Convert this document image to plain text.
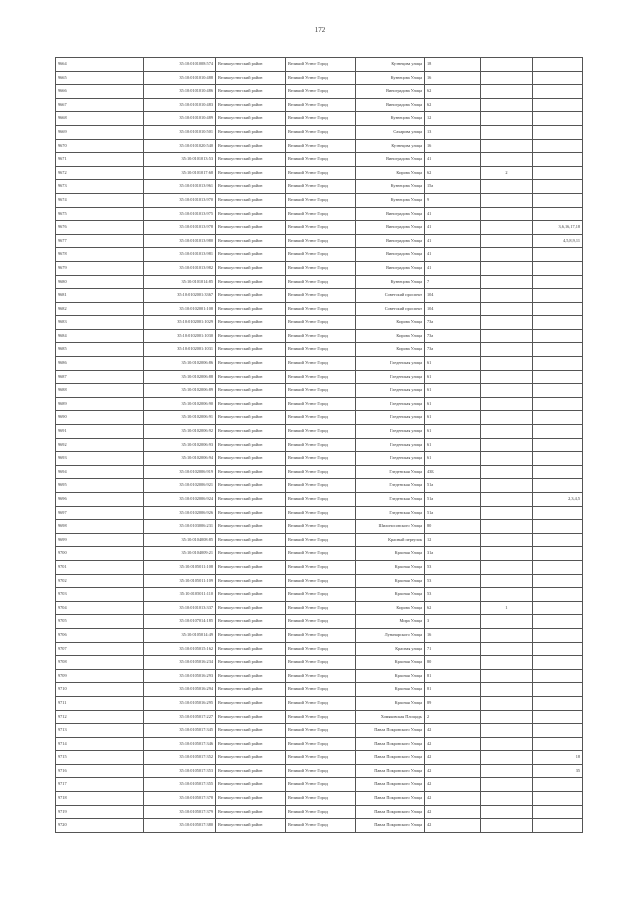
172
9664	35:10:0101008:574	Великоустюгский район	Великий Устюг Город	Кузнецова улица	18		
9665	35:10:0101010:488	Великоустюгский район	Великий Устюг Город	Кузнецова Улица	16		
9666	35:10:0101010:486	Великоустюгский район	Великий Устюг Город	Виноградова Улица	62		
9667	35:10:0101010:483	Великоустюгский район	Великий Устюг Город	Виноградова Улица	62		
9668	35:10:0101010:489	Великоустюгский район	Великий Устюг Город	Кузнецова Улица	12		
9669	35:10:0101010:501	Великоустюгский район	Великий Устюг Город	Сахарова улица	13		
9670	35:10:0101020:540	Великоустюгский район	Великий Устюг Город	Кузнецова улица	16		
9671	35:10:0101013:53	Великоустюгский район	Великий Устюг Город	Виноградова Улица	41		
9672	35:10:0101017:68	Великоустюгский район	Великий Устюг Город	Кирова Улица	62	2	
9673	35:10:0101013:961	Великоустюгский район	Великий Устюг Город	Кузнецова Улица	15а		
9674	35:10:0101013:970	Великоустюгский район	Великий Устюг Город	Кузнецова Улица	9		
9675	35:10:0101013:975	Великоустюгский район	Великий Устюг Город	Виноградова Улица	41		
9676	35:10:0101013:978	Великоустюгский район	Великий Устюг Город	Виноградова Улица	41		3,6,16,17,18
9677	35:10:0101013:980	Великоустюгский район	Великий Устюг Город	Виноградова Улица	41		4,5,8,9,11
9678	35:10:0101013:981	Великоустюгский район	Великий Устюг Город	Виноградова Улица	41		
9679	35:10:0101013:982	Великоустюгский район	Великий Устюг Город	Виноградова Улица	41		
9680	35:10:0101014:85	Великоустюгский район	Великий Устюг Город	Кузнецова Улица	7		
9681	35:10:0102001:3367	Великоустюгский район	Великий Устюг Город	Советский проспект	104		
9682	35:10:0102001:108	Великоустюгский район	Великий Устюг Город	Советский проспект	104		
9683	35:10:0102001:1029	Великоустюгский район	Великий Устюг Город	Кирова Улица	73а		
9684	35:10:0102001:1030	Великоустюгский район	Великий Устюг Город	Кирова Улица	73а		
9685	35:10:0102001:1031	Великоустюгский район	Великий Устюг Город	Кирова Улица	73а		
9686	35:10:0102006:86	Великоустюгский район	Великий Устюг Город	Гледенская улица	61		
9687	35:10:0102006:88	Великоустюгский район	Великий Устюг Город	Гледенская улица	61		
9688	35:10:0102006:89	Великоустюгский район	Великий Устюг Город	Гледенская улица	61		
9689	35:10:0102006:90	Великоустюгский район	Великий Устюг Город	Гледенская улица	61		
9690	35:10:0102006:91	Великоустюгский район	Великий Устюг Город	Гледенская улица	61		
9691	35:10:0102006:92	Великоустюгский район	Великий Устюг Город	Гледенская улица	61		
9692	35:10:0102006:93	Великоустюгский район	Великий Устюг Город	Гледенская улица	61		
9693	35:10:0102006:94	Великоустюгский район	Великий Устюг Город	Гледенская улица	61		
9694	35:10:0102006:919	Великоустюгский район	Великий Устюг Город	Гледенская Улица	43Б		
9695	35:10:0102006:921	Великоустюгский район	Великий Устюг Город	Гледенская Улица	51а		
9696	35:10:0102006:924	Великоустюгский район	Великий Устюг Город	Гледенская Улица	51а		2,3,4,5
9697	35:10:0102006:926	Великоустюгский район	Великий Устюг Город	Гледенская Улица	51а		
9698	35:10:0103006:231	Великоустюгский район	Великий Устюг Город	Шилоносовского Улица	80		
9699	35:10:0104008:85	Великоустюгский район	Великий Устюг Город	Красный переулок	12		
9700	35:10:0104009:21	Великоустюгский район	Великий Устюг Город	Красная Улица	31а		
9701	35:10:0105011:108	Великоустюгский район	Великий Устюг Город	Красная Улица	53		
9702	35:10:0105011:109	Великоустюгский район	Великий Устюг Город	Красная Улица	53		
9703	35:10:0105011:110	Великоустюгский район	Великий Устюг Город	Красная Улица	53		
9704	35:10:0101013:337	Великоустюгский район	Великий Устюг Город	Кирова Улица	62	1	
9705	35:10:0107014:185	Великоустюгский район	Великий Устюг Город	Мира Улица	3		
9706	35:10:0105014:49	Великоустюгский район	Великий Устюг Город	Луначарского Улица	16		
9707	35:10:0105015:162	Великоустюгский район	Великий Устюг Город	Красная улица	71		
9708	35:10:0105016:234	Великоустюгский район	Великий Устюг Город	Красная Улица	80		
9709	35:10:0105016:293	Великоустюгский район	Великий Устюг Город	Красная Улица	81		
9710	35:10:0105016:294	Великоустюгский район	Великий Устюг Город	Красная Улица	81		
9711	35:10:0105016:295	Великоустюгский район	Великий Устюг Город	Красная Улица	89		
9712	35:10:0105017:227	Великоустюгский район	Великий Устюг Город	Хомяковская Площадь	2		
9713	35:10:0105017:345	Великоустюгский район	Великий Устюг Город	Павла Покровского Улица	42		
9714	35:10:0105017:346	Великоустюгский район	Великий Устюг Город	Павла Покровского Улица	42		
9715	35:10:0105017:352	Великоустюгский район	Великий Устюг Город	Павла Покровского Улица	42		18
9716	35:10:0105017:353	Великоустюгский район	Великий Устюг Город	Павла Покровского Улица	42		35
9717	35:10:0105017:355	Великоустюгский район	Великий Устюг Город	Павла Покровского Улица	42		
9718	35:10:0105017:378	Великоустюгский район	Великий Устюг Город	Павла Покровского Улица	42		
9719	35:10:0105017:379	Великоустюгский район	Великий Устюг Город	Павла Покровского Улица	42		
9720	35:10:0105017:380	Великоустюгский район	Великий Устюг Город	Павла Покровского Улица	42		
